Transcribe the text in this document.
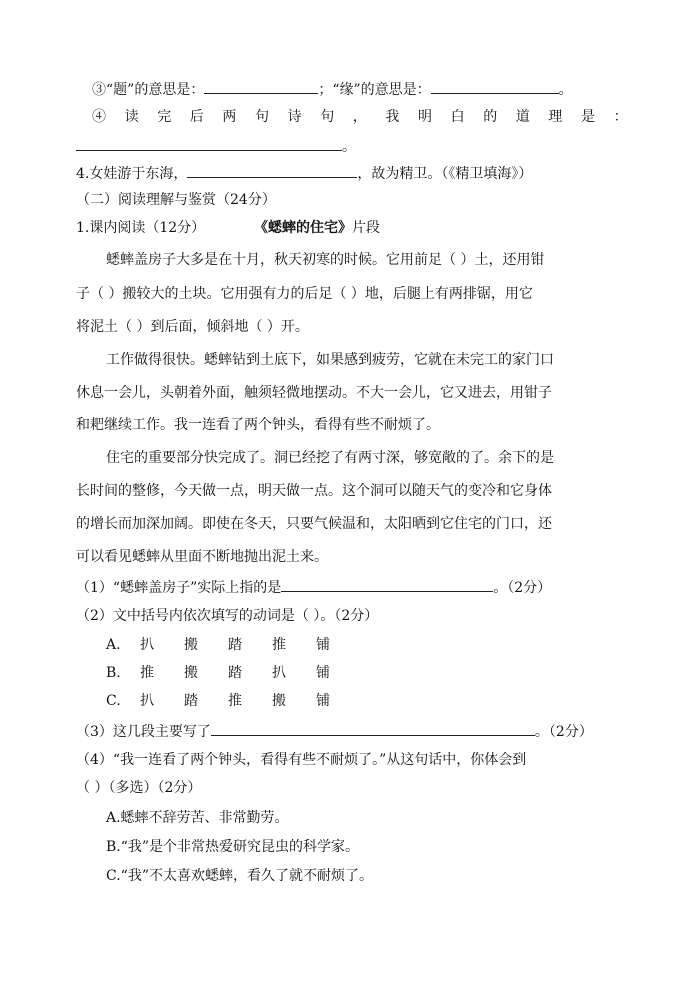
③“题”的意思是：	；“缘”的意思是：	。
④读完后两句诗句，我明白的道理是：
。
4.女娃游于东海，	，故为精卫。（《精卫填海》）
（二）阅读理解与鉴赏（24分）
1.课内阅读（12分）	《蟋蟀的住宅》片段
蟋蟀盖房子大多是在十月，秋天初寒的时候。它用前足（ ）土，还用钳
子（ ）搬较大的土块。它用强有力的后足（ ）地，后腿上有两排锯，用它
将泥土（ ）到后面，倾斜地（ ）开。
工作做得很快。蟋蟀钻到土底下，如果感到疲劳，它就在未完工的家门口
休息一会儿，头朝着外面，触须轻微地摆动。不大一会儿，它又进去，用钳子
和耙继续工作。我一连看了两个钟头，看得有些不耐烦了。
住宅的重要部分快完成了。洞已经挖了有两寸深，够宽敞的了。余下的是
长时间的整修，今天做一点，明天做一点。这个洞可以随天气的变冷和它身体
的增长而加深加阔。即使在冬天，只要气候温和，太阳晒到它住宅的门口，还
可以看见蟋蟀从里面不断地抛出泥土来。
（1）“蟋蟀盖房子”实际上指的是	。（2分）
（2）文中括号内依次填写的动词是（ ）。（2分）
A. 扒 搬 踏 推 铺
B. 推 搬 踏 扒 铺
C. 扒 踏 推 搬 铺
（3）这几段主要写了	。（2分）
（4）“我一连看了两个钟头，看得有些不耐烦了。”从这句话中，你体会到
（ ）（多选）（2分）
A.蟋蟀不辞劳苦、非常勤劳。
B.“我”是个非常热爱研究昆虫的科学家。
C.“我”不太喜欢蟋蟀，看久了就不耐烦了。
